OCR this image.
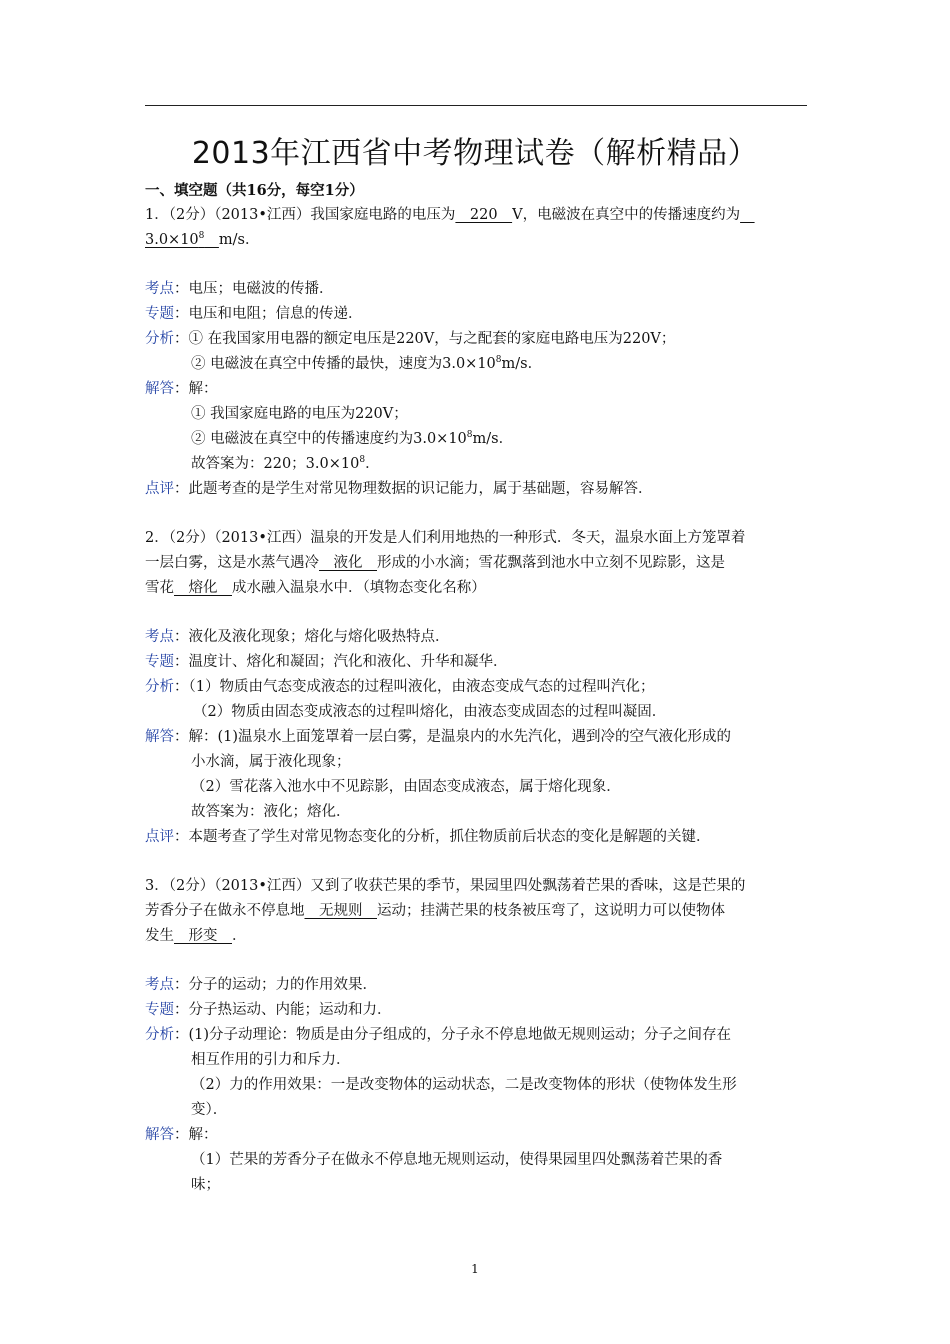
2013年江西省中考物理试卷（解析精品）
一、填空题（共16分，每空1分）
1．（2分）（2013•江西）我国家庭电路的电压为　220　V，电磁波在真空中的传播速度约为　
$3.0\times 10^8$　 m/s．
考点：电压；电磁波的传播．
专题：电压和电阻；信息的传递．
分析：① 在我国家用电器的额定电压是220V，与之配套的家庭电路电压为220V；
② 电磁波在真空中传播的最快，速度为$3.0\times 10^8m/s$．
解答：解：
① 我国家庭电路的电压为220V；
② 电磁波在真空中的传播速度约为$3.0\times 10^8m/s$．
故答案为：220；$3.0\times 10^8$．
点评：此题考查的是学生对常见物理数据的识记能力，属于基础题，容易解答．
2．（2分）（2013•江西）温泉的开发是人们利用地热的一种形式．冬天，温泉水面上方笼罩着
一层白雾，这是水蒸气遇冷　液化　形成的小水滴；雪花飘落到池水中立刻不见踪影，这是
雪花　熔化　成水融入温泉水中．（填物态变化名称）
考点：液化及液化现象；熔化与熔化吸热特点．
专题：温度计、熔化和凝固；汽化和液化、升华和凝华．
分析：（1）物质由气态变成液态的过程叫液化，由液态变成气态的过程叫汽化；
（2）物质由固态变成液态的过程叫熔化，由液态变成固态的过程叫凝固．
解答：解：(1)温泉水上面笼罩着一层白雾，是温泉内的水先汽化，遇到冷的空气液化形成的
小水滴，属于液化现象；
（2）雪花落入池水中不见踪影，由固态变成液态，属于熔化现象．
故答案为：液化；熔化．
点评：本题考查了学生对常见物态变化的分析，抓住物质前后状态的变化是解题的关键．
3．（2分）（2013•江西）又到了收获芒果的季节，果园里四处飘荡着芒果的香味，这是芒果的
芳香分子在做永不停息地　无规则　运动；挂满芒果的枝条被压弯了，这说明力可以使物体
发生　形变　．
考点：分子的运动；力的作用效果．
专题：分子热运动、内能；运动和力．
分析：(1)分子动理论：物质是由分子组成的，分子永不停息地做无规则运动；分子之间存在
相互作用的引力和斥力．
（2）力的作用效果：一是改变物体的运动状态，二是改变物体的形状（使物体发生形
变）．
解答：解：
（1）芒果的芳香分子在做永不停息地无规则运动，使得果园里四处飘荡着芒果的香
味；
1
